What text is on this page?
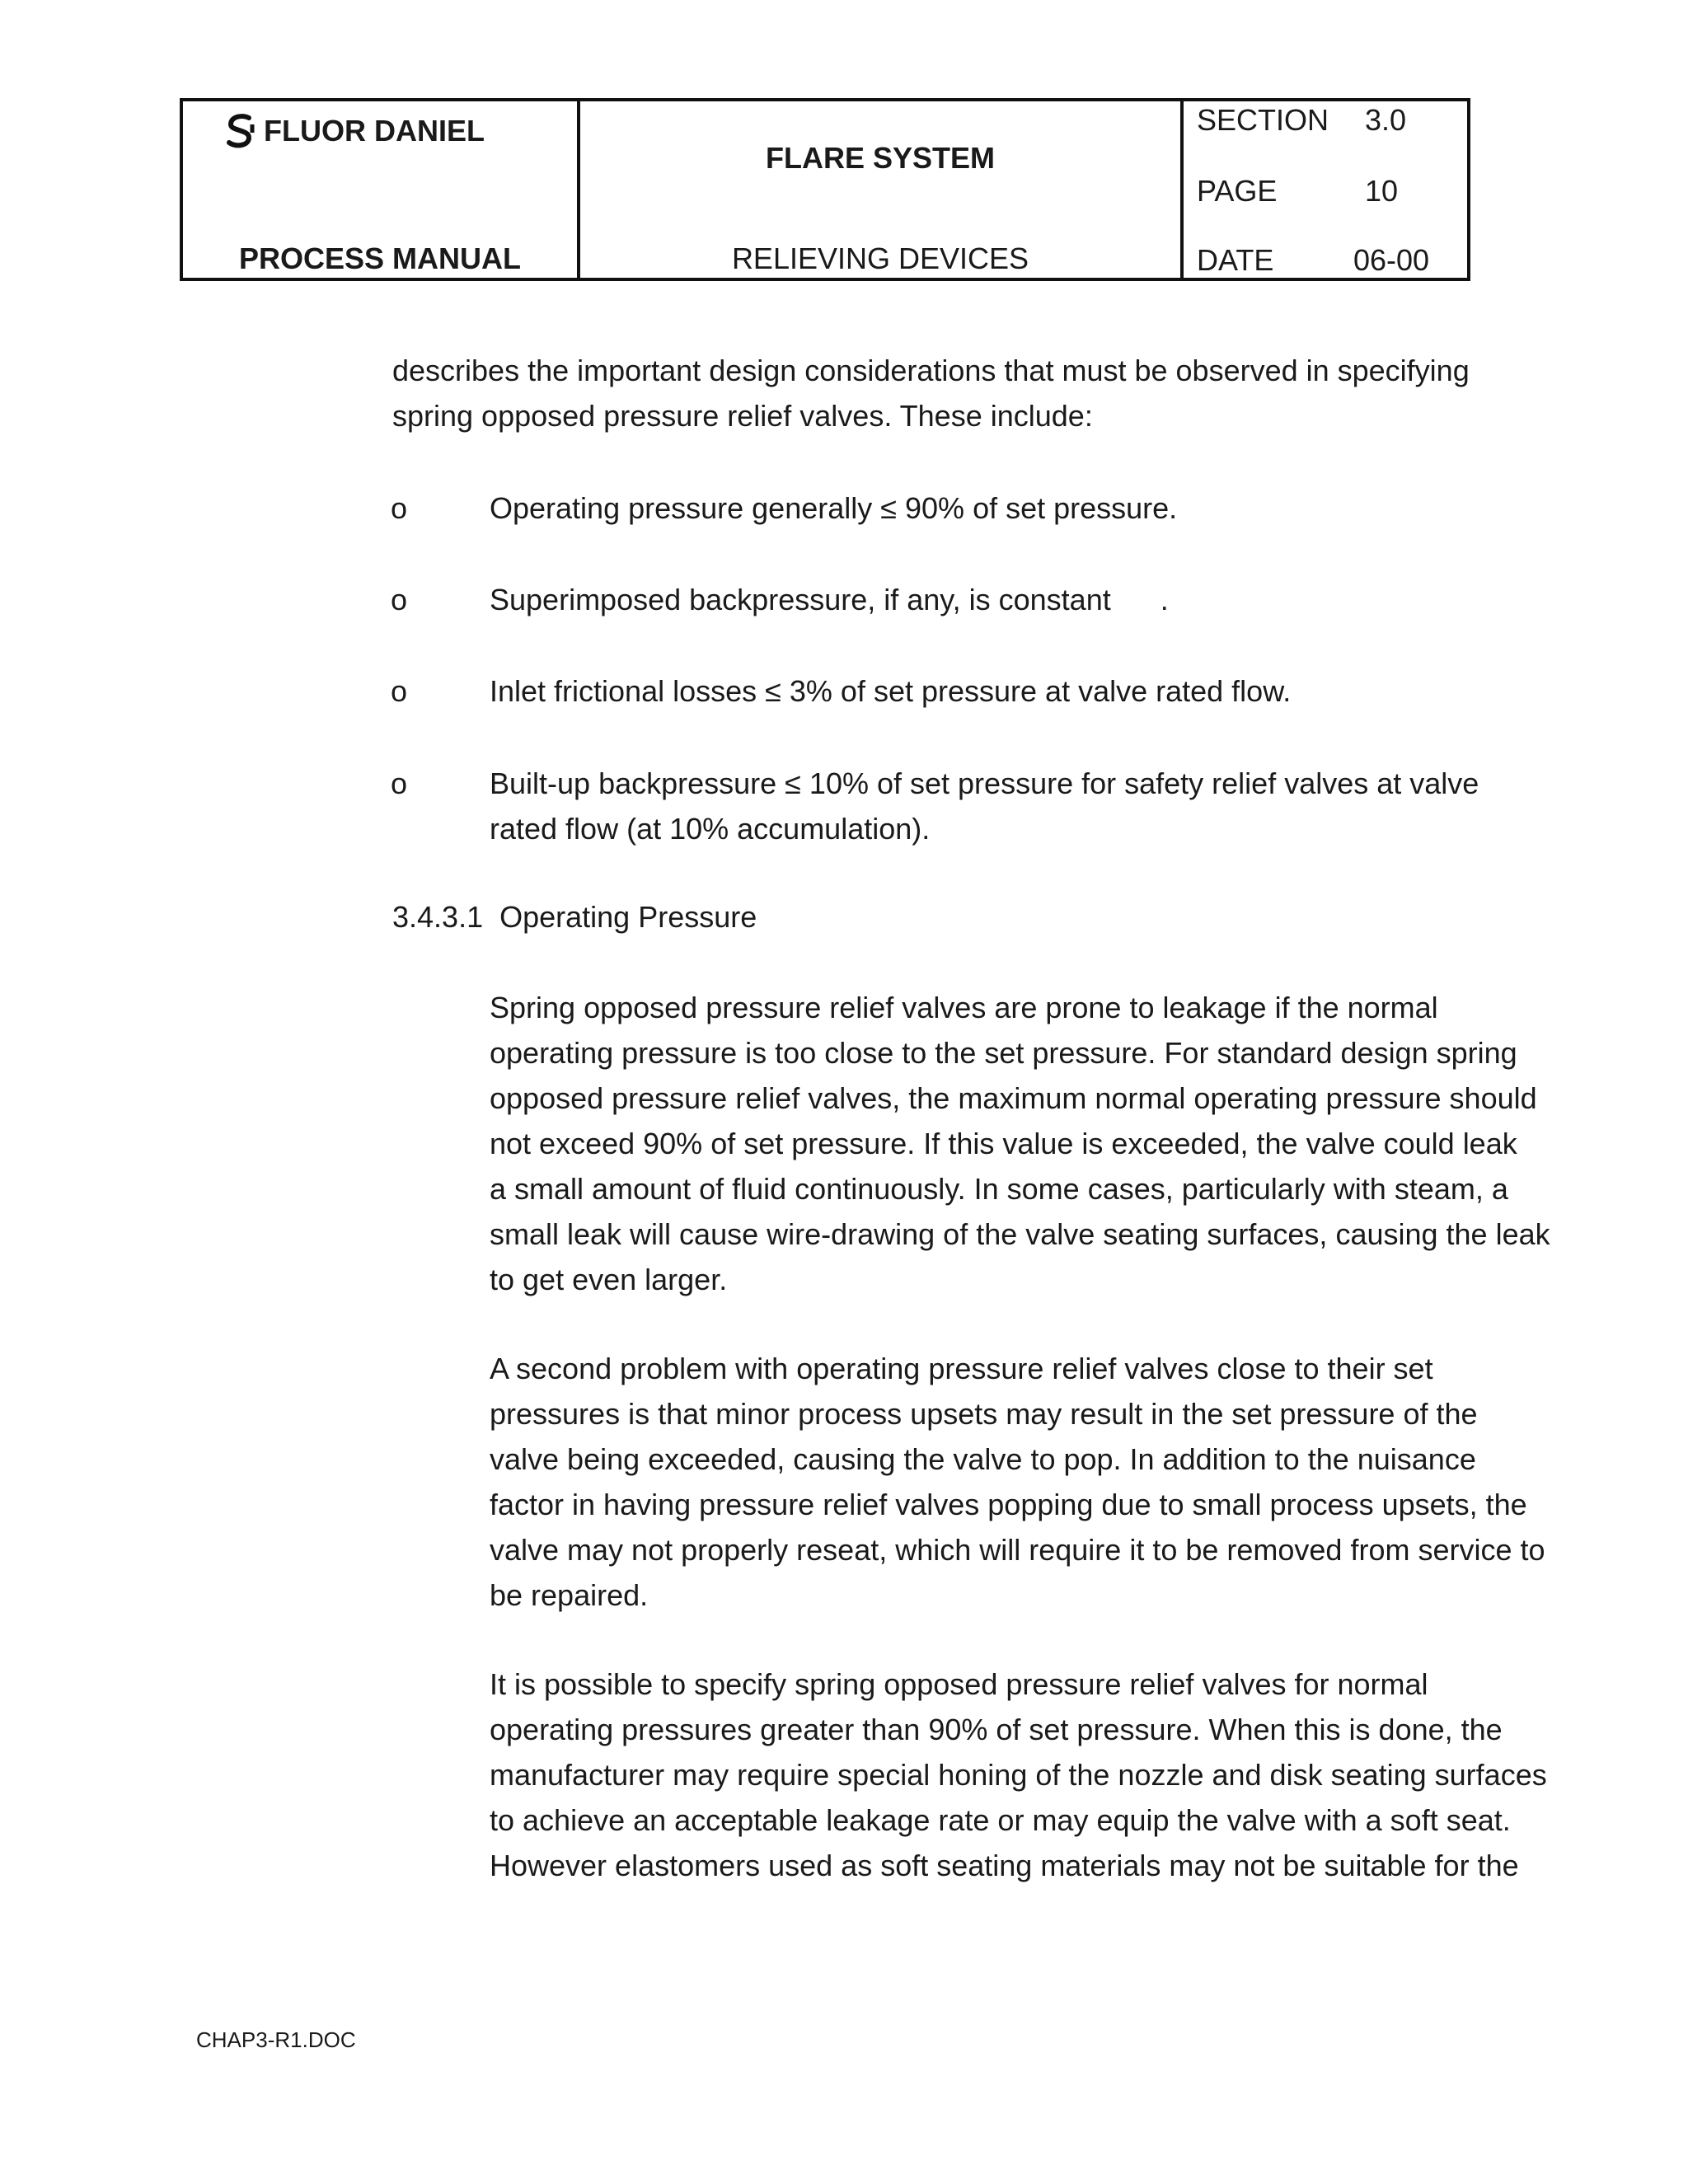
FLUOR DANIEL
PROCESS MANUAL

FLARE SYSTEM
RELIEVING DEVICES

SECTION 3.0
PAGE	10
DATE	06-00
describes the important design considerations that must be observed in specifying
spring opposed pressure relief valves. These include:
o	Operating pressure generally ≤ 90% of set pressure.
o	Superimposed backpressure, if any, is constant      .
o	Inlet frictional losses ≤ 3% of set pressure at valve rated flow.
o	Built-up backpressure ≤ 10% of set pressure for safety relief valves at valve
rated flow (at 10% accumulation).
3.4.3.1  Operating Pressure
Spring opposed pressure relief valves are prone to leakage if the normal
operating pressure is too close to the set pressure. For standard design spring
opposed pressure relief valves, the maximum normal operating pressure should
not exceed 90% of set pressure. If this value is exceeded, the valve could leak
a small amount of fluid continuously. In some cases, particularly with steam, a
small leak will cause wire-drawing of the valve seating surfaces, causing the leak
to get even larger.
A second problem with operating pressure relief valves close to their set
pressures is that minor process upsets may result in the set pressure of the
valve being exceeded, causing the valve to pop. In addition to the nuisance
factor in having pressure relief valves popping due to small process upsets, the
valve may not properly reseat, which will require it to be removed from service to
be repaired.
It is possible to specify spring opposed pressure relief valves for normal
operating pressures greater than 90% of set pressure. When this is done, the
manufacturer may require special honing of the nozzle and disk seating surfaces
to achieve an acceptable leakage rate or may equip the valve with a soft seat.
However elastomers used as soft seating materials may not be suitable for the
CHAP3-R1.DOC
